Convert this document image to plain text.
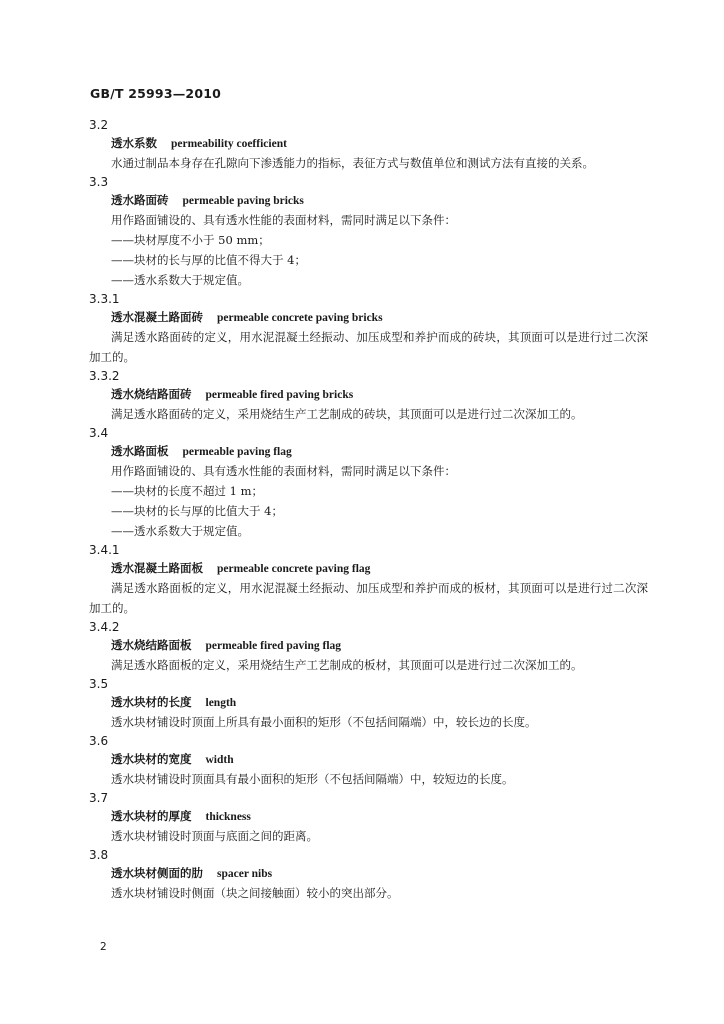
GB/T 25993—2010
3.2
透水系数 permeability coefficient
水通过制品本身存在孔隙向下渗透能力的指标，表征方式与数值单位和测试方法有直接的关系。
3.3
透水路面砖 permeable paving bricks
用作路面铺设的、具有透水性能的表面材料，需同时满足以下条件：
——块材厚度不小于 50 mm；
——块材的长与厚的比值不得大于 4；
——透水系数大于规定值。
3.3.1
透水混凝土路面砖 permeable concrete paving bricks
满足透水路面砖的定义，用水泥混凝土经振动、加压成型和养护而成的砖块，其顶面可以是进行过二次深加工的。
3.3.2
透水烧结路面砖 permeable fired paving bricks
满足透水路面砖的定义，采用烧结生产工艺制成的砖块，其顶面可以是进行过二次深加工的。
3.4
透水路面板 permeable paving flag
用作路面铺设的、具有透水性能的表面材料，需同时满足以下条件：
——块材的长度不超过 1 m；
——块材的长与厚的比值大于 4；
——透水系数大于规定值。
3.4.1
透水混凝土路面板 permeable concrete paving flag
满足透水路面板的定义，用水泥混凝土经振动、加压成型和养护而成的板材，其顶面可以是进行过二次深加工的。
3.4.2
透水烧结路面板 permeable fired paving flag
满足透水路面板的定义，采用烧结生产工艺制成的板材，其顶面可以是进行过二次深加工的。
3.5
透水块材的长度 length
透水块材铺设时顶面上所具有最小面积的矩形（不包括间隔端）中，较长边的长度。
3.6
透水块材的宽度 width
透水块材铺设时顶面具有最小面积的矩形（不包括间隔端）中，较短边的长度。
3.7
透水块材的厚度 thickness
透水块材铺设时顶面与底面之间的距离。
3.8
透水块材侧面的肋 spacer nibs
透水块材铺设时侧面（块之间接触面）较小的突出部分。
2
